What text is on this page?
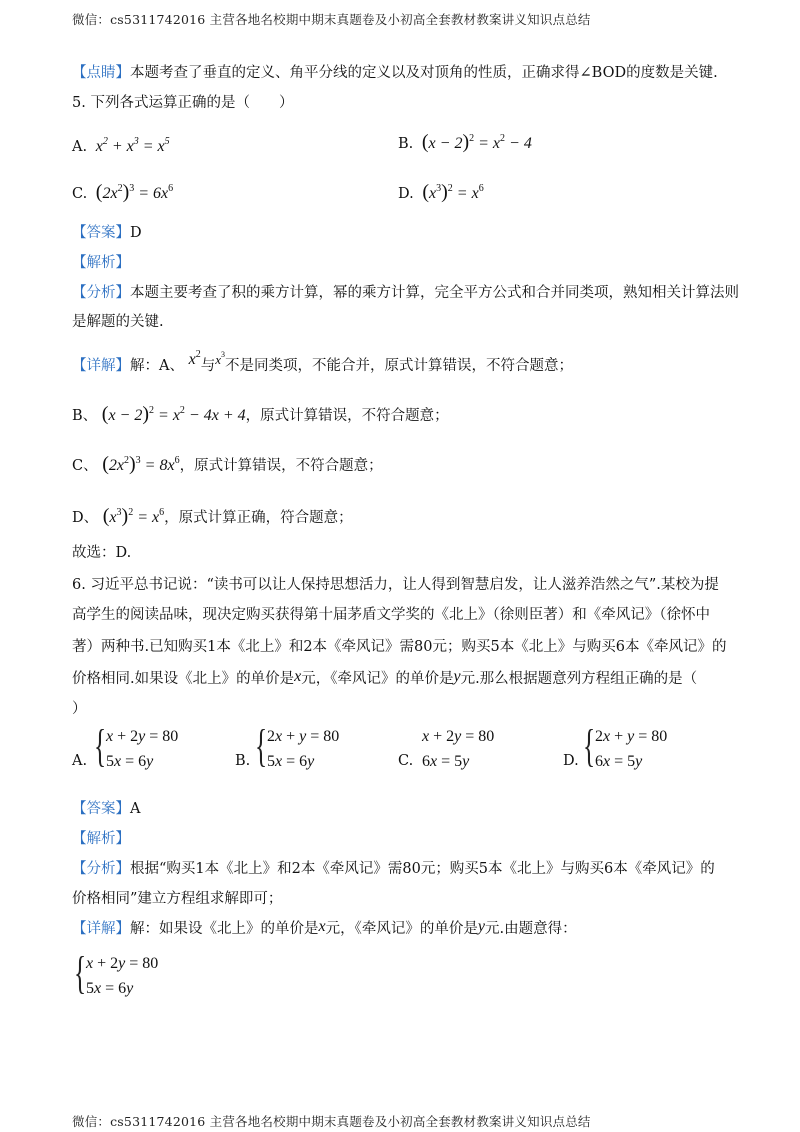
微信：cs5311742016 主营各地名校期中期末真题卷及小初高全套教材教案讲义知识点总结
【点睛】本题考查了垂直的定义、角平分线的定义以及对顶角的性质，正确求得∠BOD的度数是关键.
5. 下列各式运算正确的是（　　）
A.  $x^2 + x^3 = x^5$	B. $(x - 2)^2 = x^2 - 4$
C. $(2x^2)^3 = 6x^6$	D. $(x^3)^2 = x^6$
【答案】D
【解析】
【分析】本题主要考查了积的乘方计算，幂的乘方计算，完全平方公式和合并同类项，熟知相关计算法则
是解题的关键.
【详解】解：A、 $x^2$与$x^3$不是同类项，不能合并，原式计算错误，不符合题意；
B、 $(x - 2)^2 = x^2 - 4x + 4$，原式计算错误，不符合题意；
C、 $(2x^2)^3 = 8x^6$，原式计算错误，不符合题意；
D、 $(x^3)^2 = x^6$，原式计算正确，符合题意；
故选：D.
6. 习近平总书记说：“读书可以让人保持思想活力，让人得到智慧启发，让人滋养浩然之气”.某校为提
高学生的阅读品味，现决定购买获得第十届茅盾文学奖的《北上》（徐则臣著）和《牵风记》（徐怀中
著）两种书.已知购买1本《北上》和2本《牵风记》需80元；购买5本《北上》与购买6本《牵风记》的
价格相同.如果设《北上》的单价是x元，《牵风记》的单价是y元.那么根据题意列方程组正确的是（
）
A. { x + 2y = 80
5x = 6y	B. { 2x + y = 80
5x = 6y	C.
x + 2y = 80
6x = 5y	D. { 2x + y = 80
6x = 5y
【答案】A
【解析】
【分析】根据“购买1本《北上》和2本《牵风记》需80元；购买5本《北上》与购买6本《牵风记》的
价格相同”建立方程组求解即可；
【详解】解：如果设《北上》的单价是x元，《牵风记》的单价是y元.由题意得：
{ x + 2y = 80
5x = 6y
微信：cs5311742016 主营各地名校期中期末真题卷及小初高全套教材教案讲义知识点总结
